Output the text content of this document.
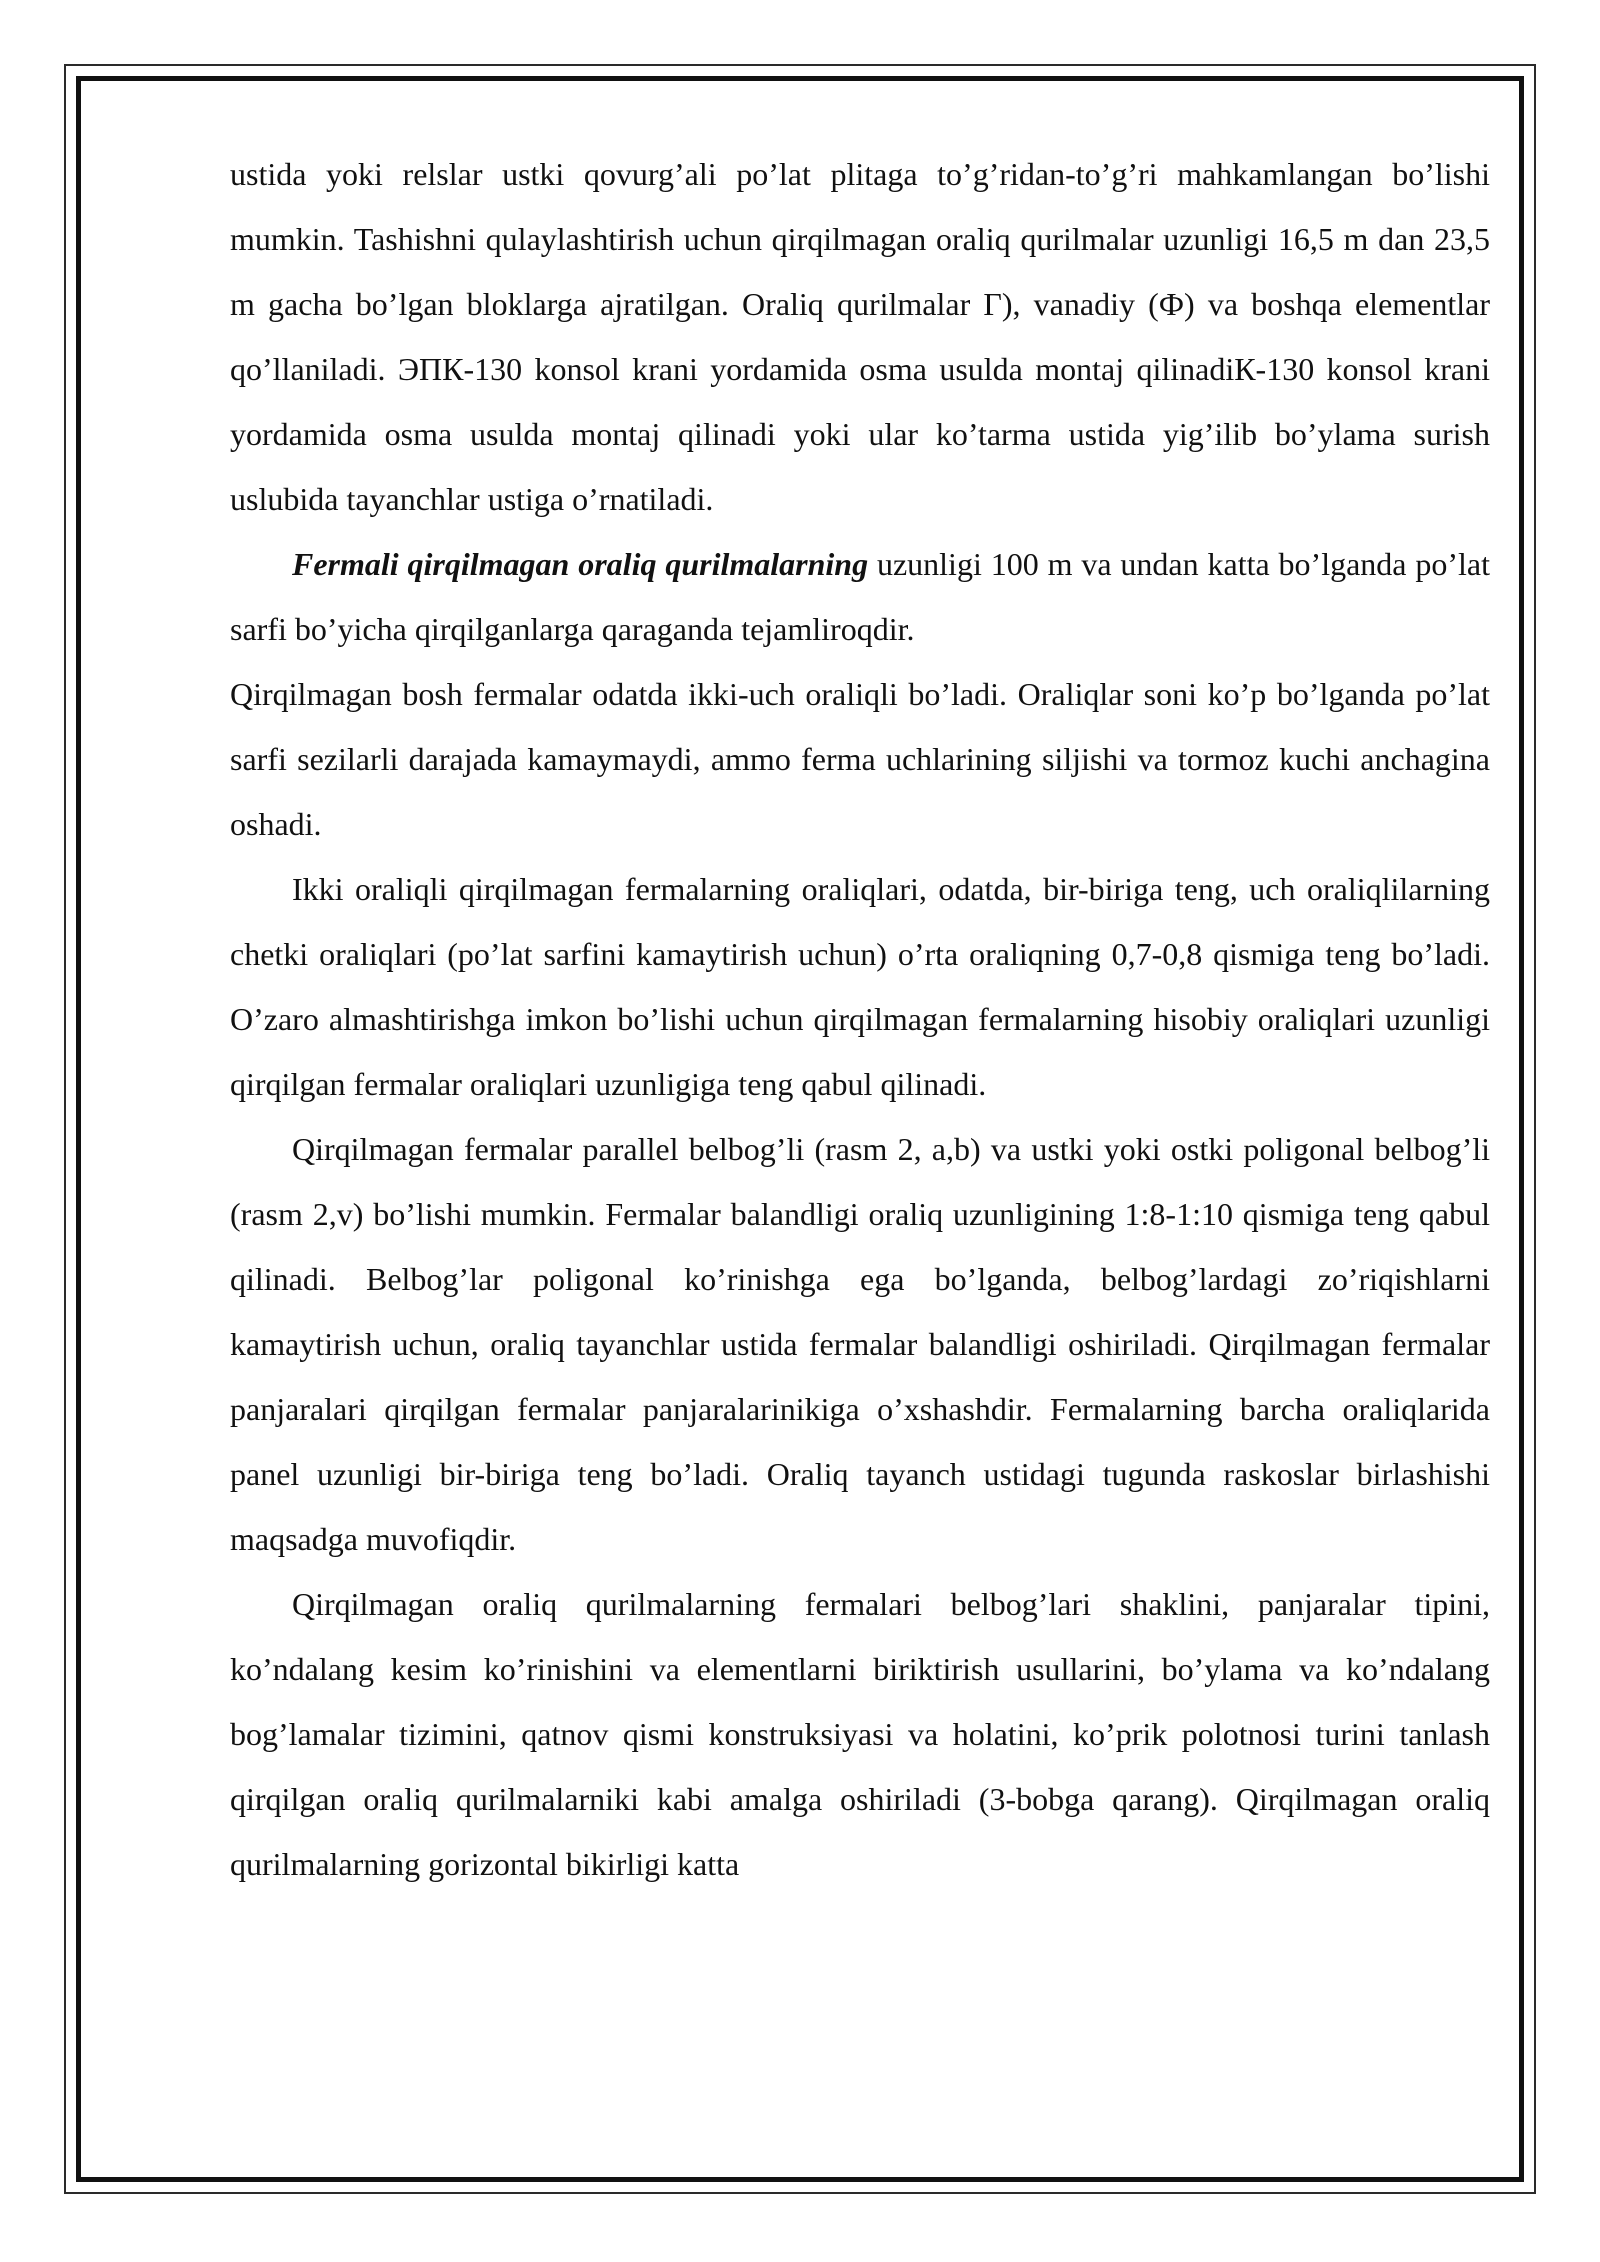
ustida yoki relslar ustki qovurg’ali po’lat plitaga to’g’ridan-to’g’ri mahkamlangan bo’lishi mumkin. Tashishni qulaylashtirish uchun qirqilmagan oraliq qurilmalar uzunligi 16,5 m dan 23,5 m gacha bo’lgan bloklarga ajratilgan. Oraliq qurilmalar Г), vanadiy (Ф) va boshqa elementlar qo’llaniladi. ЭПК-130 konsol krani yordamida osma usulda montaj qilinadiК-130 konsol krani yordamida osma usulda montaj qilinadi yoki ular ko’tarma ustida yig’ilib bo’ylama surish uslubida tayanchlar ustiga o’rnatiladi.

Fermali qirqilmagan oraliq qurilmalarning uzunligi 100 m va undan katta bo’lganda po’lat sarfi bo’yicha qirqilganlarga qaraganda tejamliroqdir.

Qirqilmagan bosh fermalar odatda ikki-uch oraliqli bo’ladi. Oraliqlar soni ko’p bo’lganda po’lat sarfi sezilarli darajada kamaymaydi, ammo ferma uchlarining siljishi va tormoz kuchi anchagina oshadi.

Ikki oraliqli qirqilmagan fermalarning oraliqlari, odatda, bir-biriga teng, uch oraliqlilarning chetki oraliqlari (po’lat sarfini kamaytirish uchun) o’rta oraliqning 0,7-0,8 qismiga teng bo’ladi. O’zaro almashtirishga imkon bo’lishi uchun qirqilmagan fermalarning hisobiy oraliqlari uzunligi qirqilgan fermalar oraliqlari uzunligiga teng qabul qilinadi.

Qirqilmagan fermalar parallel belbog’li (rasm 2, a,b) va ustki yoki ostki poligonal belbog’li (rasm 2,v) bo’lishi mumkin. Fermalar balandligi oraliq uzunligining 1:8-1:10 qismiga teng qabul qilinadi. Belbog’lar poligonal ko’rinishga ega bo’lganda, belbog’lardagi zo’riqishlarni kamaytirish uchun, oraliq tayanchlar ustida fermalar balandligi oshiriladi. Qirqilmagan fermalar panjaralari qirqilgan fermalar panjaralarinikiga o’xshashdir. Fermalarning barcha oraliqlarida panel uzunligi bir-biriga teng bo’ladi. Oraliq tayanch ustidagi tugunda raskoslar birlashishi maqsadga muvofiqdir.

Qirqilmagan oraliq qurilmalarning fermalari belbog’lari shaklini, panjaralar tipini, ko’ndalang kesim ko’rinishini va elementlarni biriktirish usullarini, bo’ylama va ko’ndalang bog’lamalar tizimini, qatnov qismi konstruksiyasi va holatini, ko’prik polotnosi turini tanlash qirqilgan oraliq qurilmalarniki kabi amalga oshiriladi (3-bobga qarang). Qirqilmagan oraliq qurilmalarning gorizontal bikirligi katta
